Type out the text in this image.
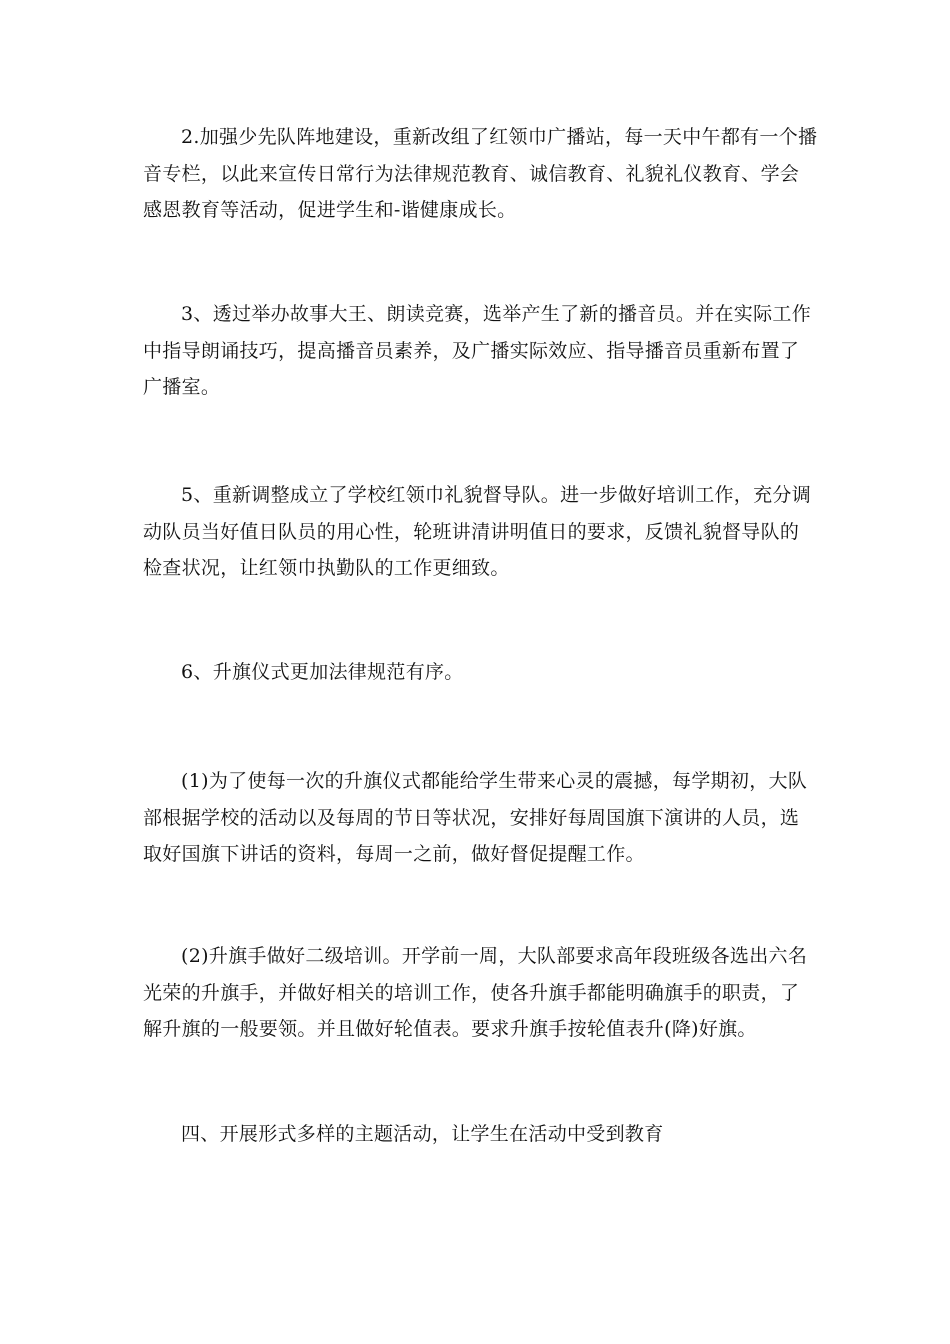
2.加强少先队阵地建设，重新改组了红领巾广播站，每一天中午都有一个播
音专栏，以此来宣传日常行为法律规范教育、诚信教育、礼貌礼仪教育、学会
感恩教育等活动，促进学生和-谐健康成长。

3、透过举办故事大王、朗读竞赛，选举产生了新的播音员。并在实际工作
中指导朗诵技巧，提高播音员素养，及广播实际效应、指导播音员重新布置了
广播室。

5、重新调整成立了学校红领巾礼貌督导队。进一步做好培训工作，充分调
动队员当好值日队员的用心性，轮班讲清讲明值日的要求，反馈礼貌督导队的
检查状况，让红领巾执勤队的工作更细致。

6、升旗仪式更加法律规范有序。

(1)为了使每一次的升旗仪式都能给学生带来心灵的震撼，每学期初，大队
部根据学校的活动以及每周的节日等状况，安排好每周国旗下演讲的人员，选
取好国旗下讲话的资料，每周一之前，做好督促提醒工作。

(2)升旗手做好二级培训。开学前一周，大队部要求高年段班级各选出六名
光荣的升旗手，并做好相关的培训工作，使各升旗手都能明确旗手的职责，了
解升旗的一般要领。并且做好轮值表。要求升旗手按轮值表升(降)好旗。

四、开展形式多样的主题活动，让学生在活动中受到教育
